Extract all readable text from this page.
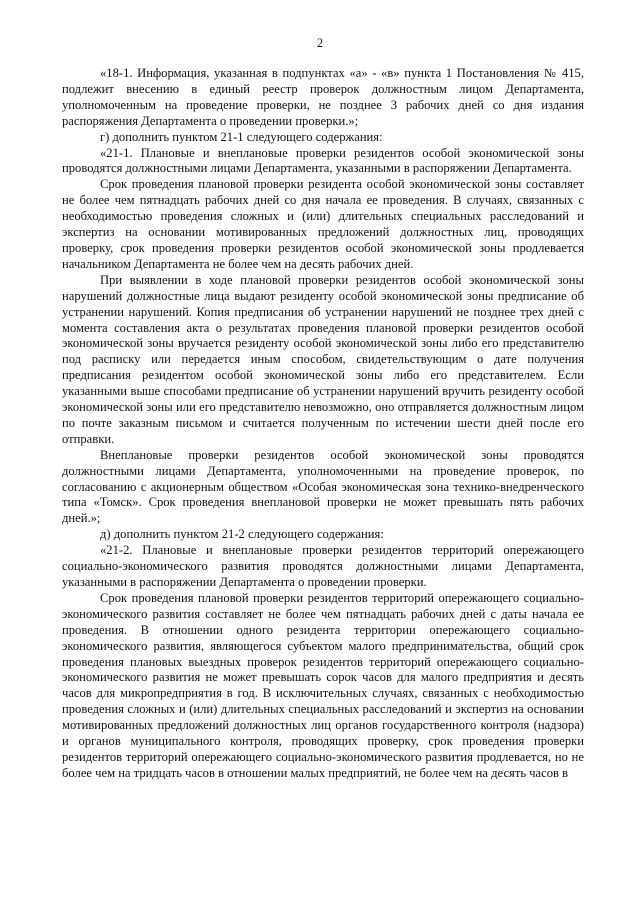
2

«18-1. Информация, указанная в подпунктах «а» - «в» пункта 1 Постановления № 415, подлежит внесению в единый реестр проверок должностным лицом Департамента, уполномоченным на проведение проверки, не позднее 3 рабочих дней со дня издания распоряжения Департамента о проведении проверки.»;

г) дополнить пунктом 21-1 следующего содержания:

«21-1. Плановые и внеплановые проверки резидентов особой экономической зоны проводятся должностными лицами Департамента, указанными в распоряжении Департамента.

Срок проведения плановой проверки резидента особой экономической зоны составляет не более чем пятнадцать рабочих дней со дня начала ее проведения. В случаях, связанных с необходимостью проведения сложных и (или) длительных специальных расследований и экспертиз на основании мотивированных предложений должностных лиц, проводящих проверку, срок проведения проверки резидентов особой экономической зоны продлевается начальником Департамента не более чем на десять рабочих дней.

При выявлении в ходе плановой проверки резидентов особой экономической зоны нарушений должностные лица выдают резиденту особой экономической зоны предписание об устранении нарушений. Копия предписания об устранении нарушений не позднее трех дней с момента составления акта о результатах проведения плановой проверки резидентов особой экономической зоны вручается резиденту особой экономической зоны либо его представителю под расписку или передается иным способом, свидетельствующим о дате получения предписания резидентом особой экономической зоны либо его представителем. Если указанными выше способами предписание об устранении нарушений вручить резиденту особой экономической зоны или его представителю невозможно, оно отправляется должностным лицом по почте заказным письмом и считается полученным по истечении шести дней после его отправки.

Внеплановые проверки резидентов особой экономической зоны проводятся должностными лицами Департамента, уполномоченными на проведение проверок, по согласованию с акционерным обществом «Особая экономическая зона технико-внедренческого типа «Томск». Срок проведения внеплановой проверки не может превышать пять рабочих дней.»;

д) дополнить пунктом 21-2 следующего содержания:

«21-2. Плановые и внеплановые проверки резидентов территорий опережающего социально-экономического развития проводятся должностными лицами Департамента, указанными в распоряжении Департамента о проведении проверки.

Срок проведения плановой проверки резидентов территорий опережающего социально-экономического развития составляет не более чем пятнадцать рабочих дней с даты начала ее проведения. В отношении одного резидента территории опережающего социально-экономического развития, являющегося субъектом малого предпринимательства, общий срок проведения плановых выездных проверок резидентов территорий опережающего социально-экономического развития не может превышать сорок часов для малого предприятия и десять часов для микропредприятия в год. В исключительных случаях, связанных с необходимостью проведения сложных и (или) длительных специальных расследований и экспертиз на основании мотивированных предложений должностных лиц органов государственного контроля (надзора) и органов муниципального контроля, проводящих проверку, срок проведения проверки резидентов территорий опережающего социально-экономического развития продлевается, но не более чем на тридцать часов в отношении малых предприятий, не более чем на десять часов в
